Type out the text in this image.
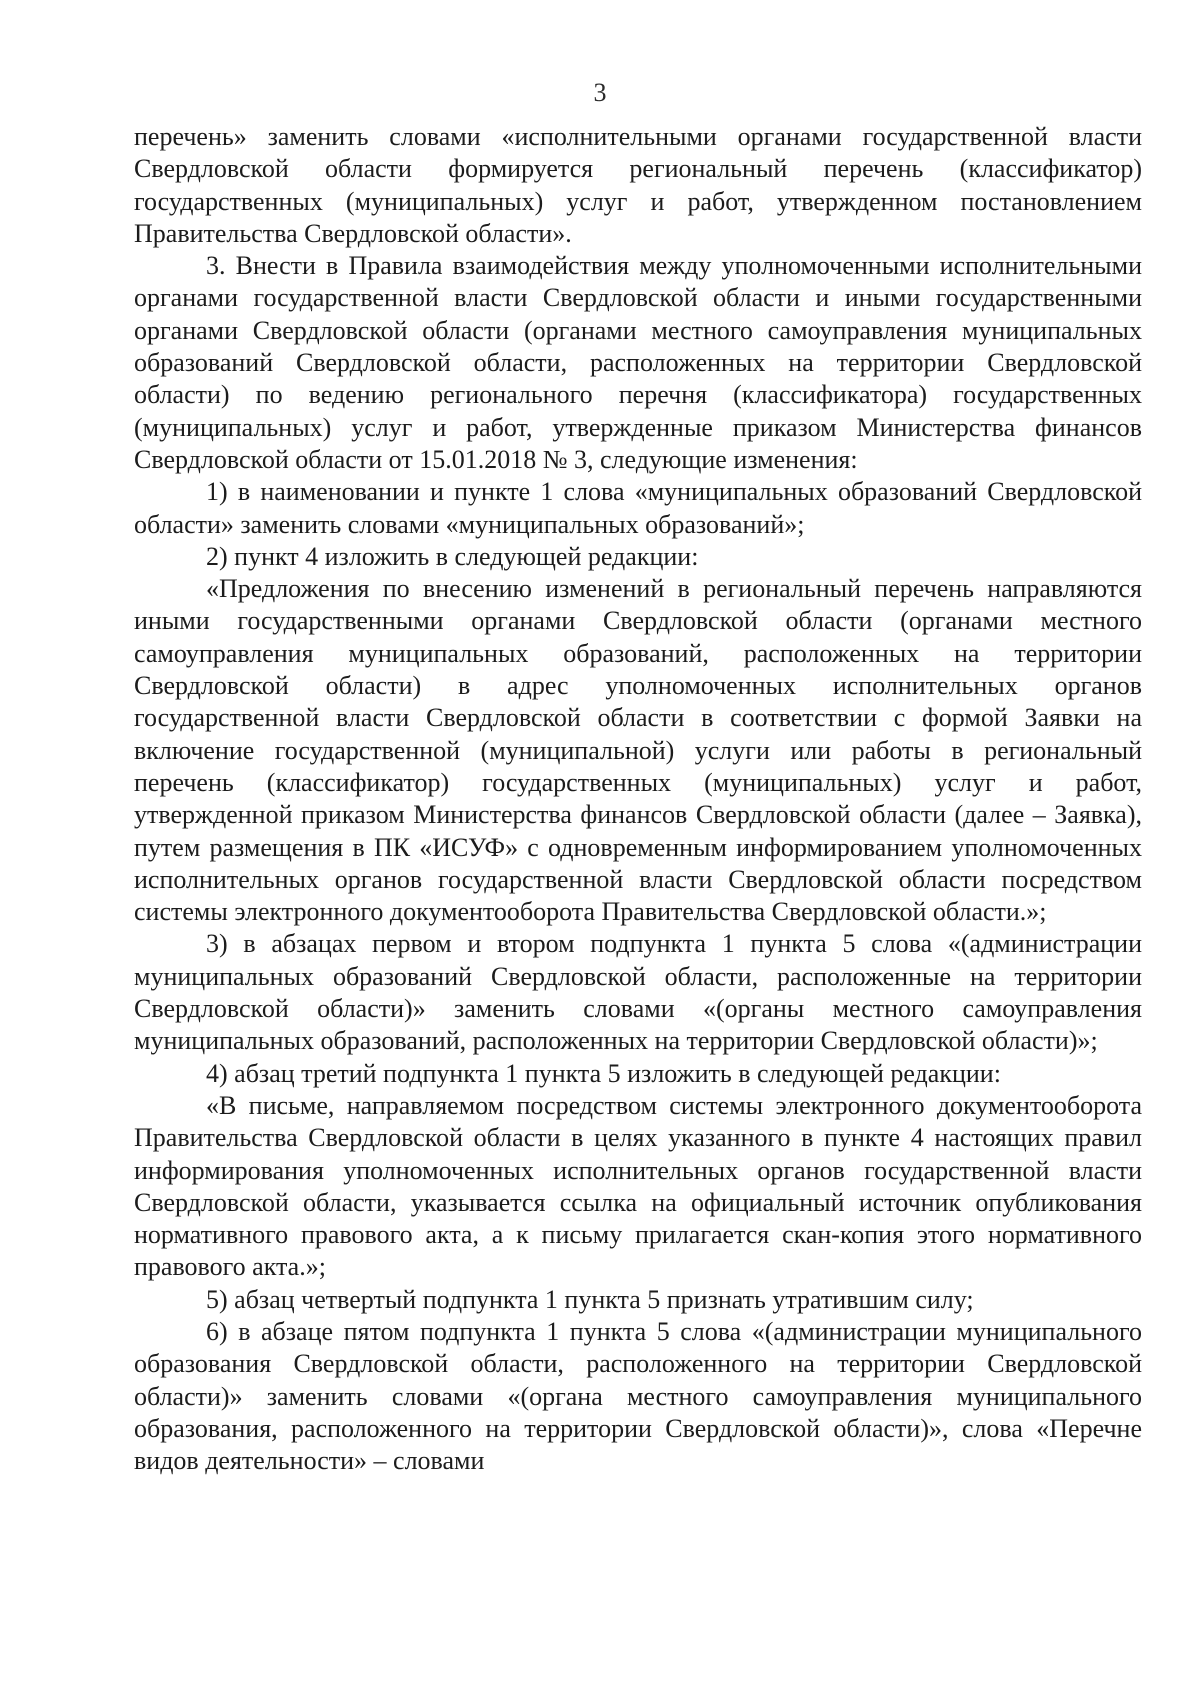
3

перечень» заменить словами «исполнительными органами государственной власти Свердловской области формируется региональный перечень (классификатор) государственных (муниципальных) услуг и работ, утвержденном постановлением Правительства Свердловской области».

3. Внести в Правила взаимодействия между уполномоченными исполнительными органами государственной власти Свердловской области и иными государственными органами Свердловской области (органами местного самоуправления муниципальных образований Свердловской области, расположенных на территории Свердловской области) по ведению регионального перечня (классификатора) государственных (муниципальных) услуг и работ, утвержденные приказом Министерства финансов Свердловской области от 15.01.2018 № 3, следующие изменения:

1) в наименовании и пункте 1 слова «муниципальных образований Свердловской области» заменить словами «муниципальных образований»;

2) пункт 4 изложить в следующей редакции:

«Предложения по внесению изменений в региональный перечень направляются иными государственными органами Свердловской области (органами местного самоуправления муниципальных образований, расположенных на территории Свердловской области) в адрес уполномоченных исполнительных органов государственной власти Свердловской области в соответствии с формой Заявки на включение государственной (муниципальной) услуги или работы в региональный перечень (классификатор) государственных (муниципальных) услуг и работ, утвержденной приказом Министерства финансов Свердловской области (далее – Заявка), путем размещения в ПК «ИСУФ» с одновременным информированием уполномоченных исполнительных органов государственной власти Свердловской области посредством системы электронного документооборота Правительства Свердловской области.»;

3) в абзацах первом и втором подпункта 1 пункта 5 слова «(администрации муниципальных образований Свердловской области, расположенные на территории Свердловской области)» заменить словами «(органы местного самоуправления муниципальных образований, расположенных на территории Свердловской области)»;

4) абзац третий подпункта 1 пункта 5 изложить в следующей редакции:

«В письме, направляемом посредством системы электронного документооборота Правительства Свердловской области в целях указанного в пункте 4 настоящих правил информирования уполномоченных исполнительных органов государственной власти Свердловской области, указывается ссылка на официальный источник опубликования нормативного правового акта, а к письму прилагается скан-копия этого нормативного правового акта.»;

5) абзац четвертый подпункта 1 пункта 5 признать утратившим силу;

6) в абзаце пятом подпункта 1 пункта 5 слова «(администрации муниципального образования Свердловской области, расположенного на территории Свердловской области)» заменить словами «(органа местного самоуправления муниципального образования, расположенного на территории Свердловской области)», слова «Перечне видов деятельности» – словами
